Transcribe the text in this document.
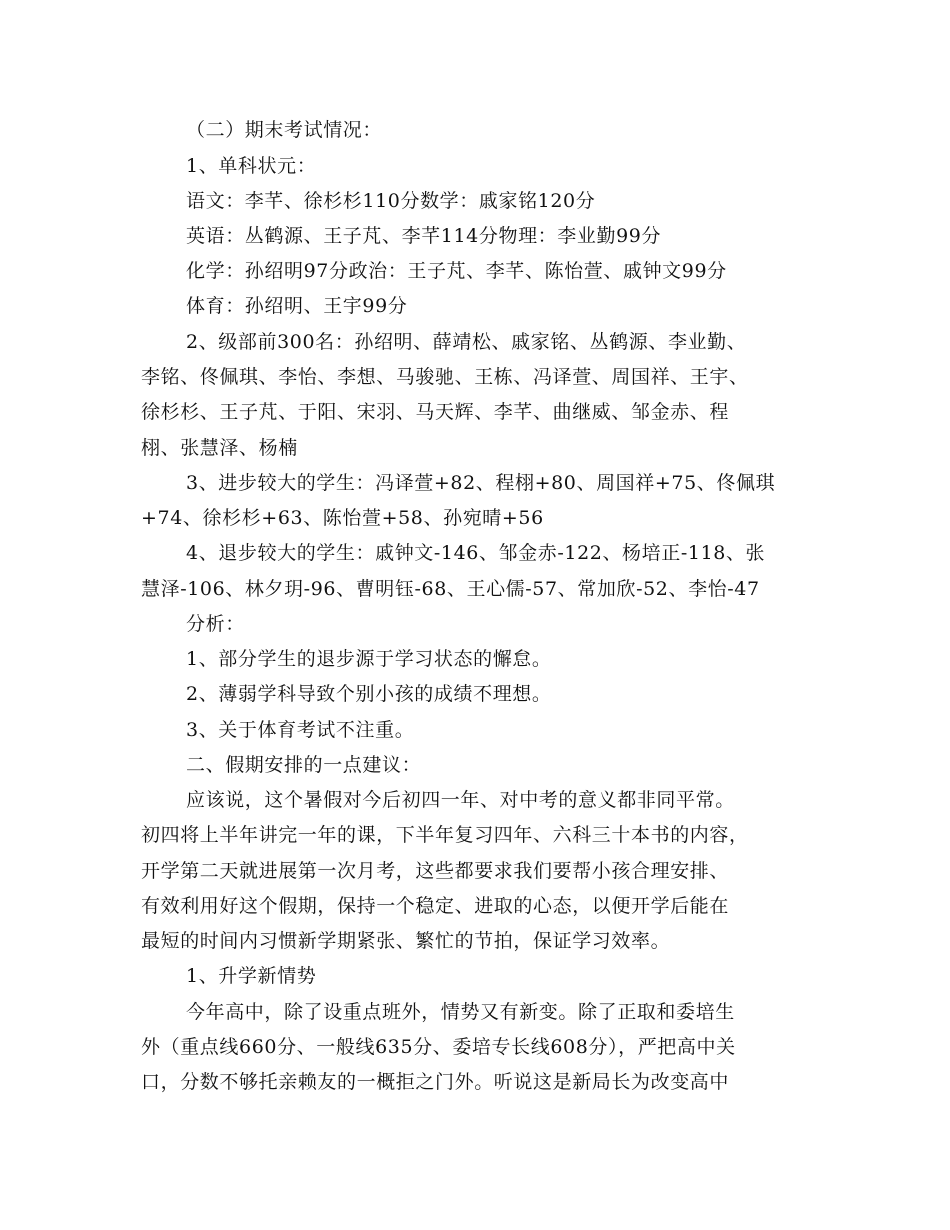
（二）期末考试情况：
1、单科状元：
语文：李芊、徐杉杉110分数学：戚家铭120分
英语：丛鹤源、王子芃、李芊114分物理：李业勤99分
化学：孙绍明97分政治：王子芃、李芊、陈怡萱、戚钟文99分
体育：孙绍明、王宇99分
2、级部前300名：孙绍明、薛靖松、戚家铭、丛鹤源、李业勤、
李铭、佟佩琪、李怡、李想、马骏驰、王栋、冯译萱、周国祥、王宇、
徐杉杉、王子芃、于阳、宋羽、马天辉、李芊、曲继威、邹金赤、程
栩、张慧泽、杨楠
3、进步较大的学生：冯译萱+82、程栩+80、周国祥+75、佟佩琪
+74、徐杉杉+63、陈怡萱+58、孙宛晴+56
4、退步较大的学生：戚钟文-146、邹金赤-122、杨培正-118、张
慧泽-106、林夕玥-96、曹明钰-68、王心儒-57、常加欣-52、李怡-47
分析：
1、部分学生的退步源于学习状态的懈怠。
2、薄弱学科导致个别小孩的成绩不理想。
3、关于体育考试不注重。
二、假期安排的一点建议：
应该说，这个暑假对今后初四一年、对中考的意义都非同平常。
初四将上半年讲完一年的课，下半年复习四年、六科三十本书的内容，
开学第二天就进展第一次月考，这些都要求我们要帮小孩合理安排、
有效利用好这个假期，保持一个稳定、进取的心态，以便开学后能在
最短的时间内习惯新学期紧张、繁忙的节拍，保证学习效率。
1、升学新情势
今年高中，除了设重点班外，情势又有新变。除了正取和委培生
外（重点线660分、一般线635分、委培专长线608分），严把高中关
口，分数不够托亲赖友的一概拒之门外。听说这是新局长为改变高中
